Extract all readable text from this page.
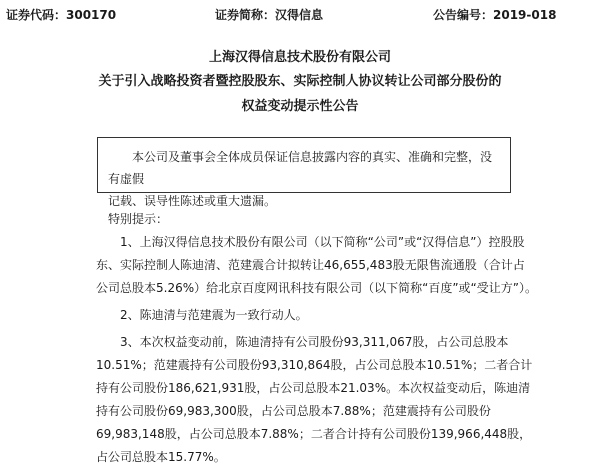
证券代码：300170	证券简称：汉得信息	公告编号：2019-018
上海汉得信息技术股份有限公司
关于引入战略投资者暨控股股东、实际控制人协议转让公司部分股份的
权益变动提示性公告

本公司及董事会全体成员保证信息披露内容的真实、准确和完整，没有虚假

记载、误导性陈述或重大遗漏。

特别提示：
1、上海汉得信息技术股份有限公司（以下简称“公司”或“汉得信息”）控股股
东、实际控制人陈迪清、范建震合计拟转让46,655,483股无限售流通股（合计占
公司总股本5.26%）给北京百度网讯科技有限公司（以下简称“百度”或“受让方”）。
2、陈迪清与范建震为一致行动人。
3、本次权益变动前，陈迪清持有公司股份93,311,067股，占公司总股本
10.51%；范建震持有公司股份93,310,864股，占公司总股本10.51%；二者合计
持有公司股份186,621,931股，占公司总股本21.03%。本次权益变动后，陈迪清
持有公司股份69,983,300股，占公司总股本7.88%；范建震持有公司股份
69,983,148股，占公司总股本7.88%；二者合计持有公司股份139,966,448股，
占公司总股本15.77%。
